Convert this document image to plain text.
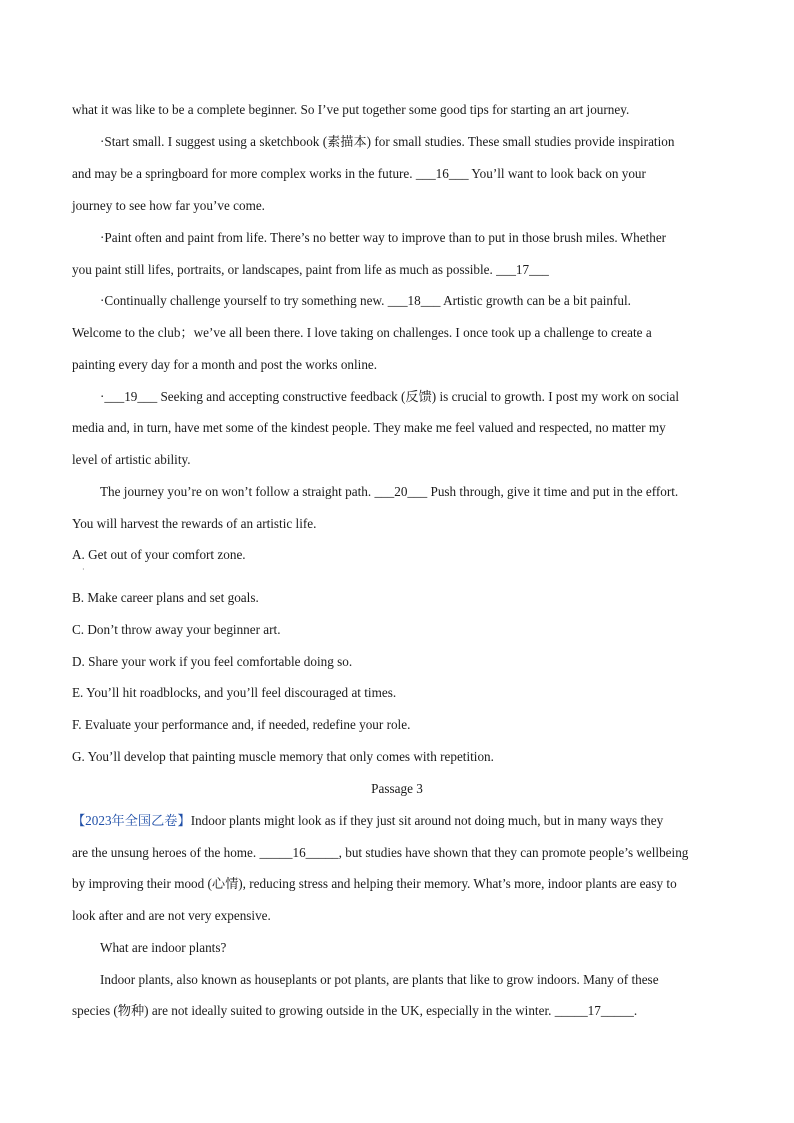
what it was like to be a complete beginner. So I’ve put together some good tips for starting an art journey.
·Start small. I suggest using a sketchbook (素描本) for small studies. These small studies provide inspiration
and may be a springboard for more complex works in the future. ___16___ You’ll want to look back on your
journey to see how far you’ve come.
·Paint often and paint from life. There’s no better way to improve than to put in those brush miles. Whether
you paint still lifes, portraits, or landscapes, paint from life as much as possible. ___17___
·Continually challenge yourself to try something new. ___18___ Artistic growth can be a bit painful.
Welcome to the club；we’ve all been there. I love taking on challenges. I once took up a challenge to create a
painting every day for a month and post the works online.
·___19___ Seeking and accepting constructive feedback (反馈) is crucial to growth. I post my work on social
media and, in turn, have met some of the kindest people. They make me feel valued and respected, no matter my
level of artistic ability.
The journey you’re on won’t follow a straight path. ___20___ Push through, give it time and put in the effort.
You will harvest the rewards of an artistic life.
A. Get out of your comfort zone.
·
B. Make career plans and set goals.
C. Don’t throw away your beginner art.
D. Share your work if you feel comfortable doing so.
E. You’ll hit roadblocks, and you’ll feel discouraged at times.
F. Evaluate your performance and, if needed, redefine your role.
G. You’ll develop that painting muscle memory that only comes with repetition.
Passage 3
【2023年全国乙卷】Indoor plants might look as if they just sit around not doing much, but in many ways they
are the unsung heroes of the home. _____16_____, but studies have shown that they can promote people’s wellbeing
by improving their mood (心情), reducing stress and helping their memory. What’s more, indoor plants are easy to
look after and are not very expensive.
What are indoor plants?
Indoor plants, also known as houseplants or pot plants, are plants that like to grow indoors. Many of these
species (物种) are not ideally suited to growing outside in the UK, especially in the winter. _____17_____.
